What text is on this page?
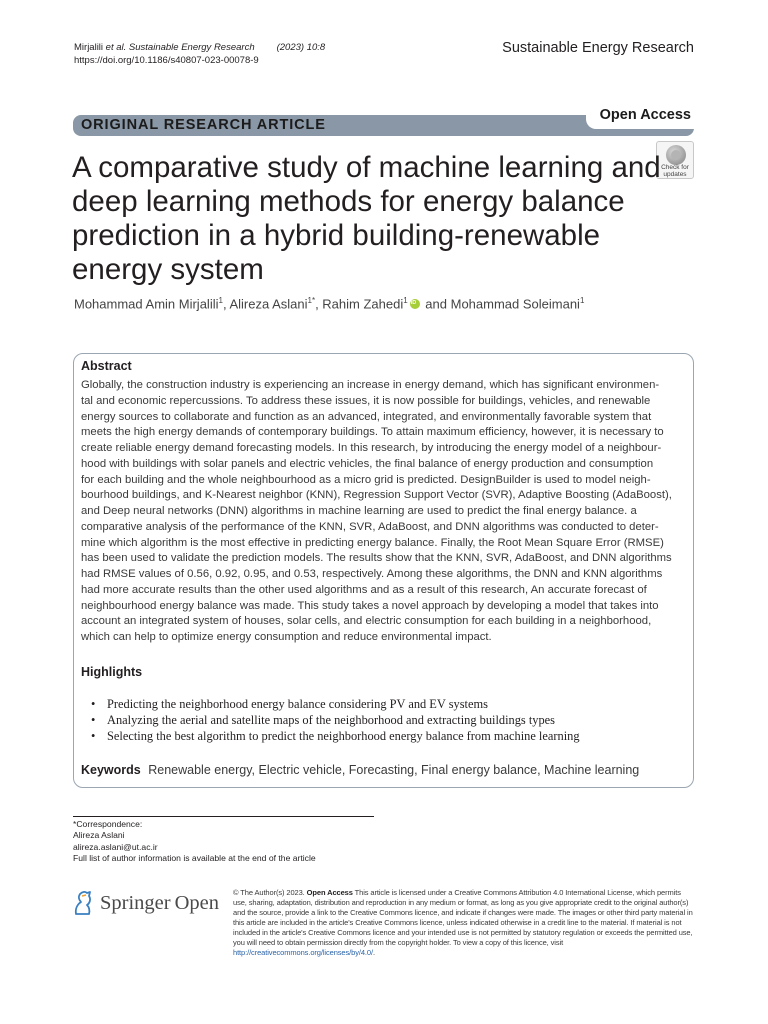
Mirjalili et al. Sustainable Energy Research (2023) 10:8
https://doi.org/10.1186/s40807-023-00078-9
Sustainable Energy Research
ORIGINAL RESEARCH ARTICLE
Open Access
Check for
updates
A comparative study of machine learning and deep learning methods for energy balance prediction in a hybrid building-renewable energy system
Mohammad Amin Mirjalili$^1$, Alireza Aslani$^{1*}$, Rahim Zahedi$^1$iD and Mohammad Soleimani$^1$
Abstract
Globally, the construction industry is experiencing an increase in energy demand, which has significant environmen-
tal and economic repercussions. To address these issues, it is now possible for buildings, vehicles, and renewable
energy sources to collaborate and function as an advanced, integrated, and environmentally favorable system that
meets the high energy demands of contemporary buildings. To attain maximum efficiency, however, it is necessary to
create reliable energy demand forecasting models. In this research, by introducing the energy model of a neighbour-
hood with buildings with solar panels and electric vehicles, the final balance of energy production and consumption
for each building and the whole neighbourhood as a micro grid is predicted. DesignBuilder is used to model neigh-
bourhood buildings, and K-Nearest neighbor (KNN), Regression Support Vector (SVR), Adaptive Boosting (AdaBoost),
and Deep neural networks (DNN) algorithms in machine learning are used to predict the final energy balance. a
comparative analysis of the performance of the KNN, SVR, AdaBoost, and DNN algorithms was conducted to deter-
mine which algorithm is the most effective in predicting energy balance. Finally, the Root Mean Square Error (RMSE)
has been used to validate the prediction models. The results show that the KNN, SVR, AdaBoost, and DNN algorithms
had RMSE values of 0.56, 0.92, 0.95, and 0.53, respectively. Among these algorithms, the DNN and KNN algorithms
had more accurate results than the other used algorithms and as a result of this research, An accurate forecast of
neighbourhood energy balance was made. This study takes a novel approach by developing a model that takes into
account an integrated system of houses, solar cells, and electric consumption for each building in a neighborhood,
which can help to optimize energy consumption and reduce environmental impact.
Highlights
• Predicting the neighborhood energy balance considering PV and EV systems
• Analyzing the aerial and satellite maps of the neighborhood and extracting buildings types
• Selecting the best algorithm to predict the neighborhood energy balance from machine learning
Keywords Renewable energy, Electric vehicle, Forecasting, Final energy balance, Machine learning
*Correspondence:
Alireza Aslani
alireza.aslani@ut.ac.ir
Full list of author information is available at the end of the article
Springer Open © The Author(s) 2023. Open Access This article is licensed under a Creative Commons Attribution 4.0 International License, which permits use, sharing, adaptation, distribution and reproduction in any medium or format, as long as you give appropriate credit to the original author(s) and the source, provide a link to the Creative Commons licence, and indicate if changes were made. The images or other third party material in this article are included in the article's Creative Commons licence, unless indicated otherwise in a credit line to the material. If material is not included in the article's Creative Commons licence and your intended use is not permitted by statutory regulation or exceeds the permitted use, you will need to obtain permission directly from the copyright holder. To view a copy of this licence, visit http://creativecommons.org/licenses/by/4.0/.
